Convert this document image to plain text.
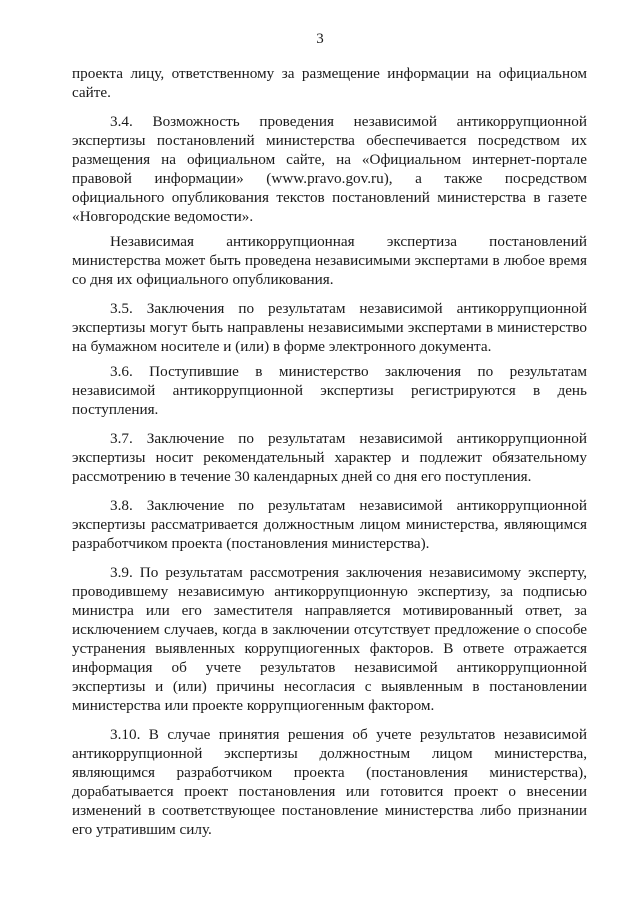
3

проекта лицу, ответственному за размещение информации на официальном сайте.

3.4. Возможность проведения независимой антикоррупционной экспертизы постановлений министерства обеспечивается посредством их размещения на официальном сайте, на «Официальном интернет-портале правовой информации» (www.pravo.gov.ru), а также посредством официального опубликования текстов постановлений министерства в газете «Новгородские ведомости».

Независимая антикоррупционная экспертиза постановлений министерства может быть проведена независимыми экспертами в любое время со дня их официального опубликования.

3.5. Заключения по результатам независимой антикоррупционной экспертизы могут быть направлены независимыми экспертами в министерство на бумажном носителе и (или) в форме электронного документа.

3.6. Поступившие в министерство заключения по результатам независимой антикоррупционной экспертизы регистрируются в день поступления.

3.7. Заключение по результатам независимой антикоррупционной экспертизы носит рекомендательный характер и подлежит обязательному рассмотрению в течение 30 календарных дней со дня его поступления.

3.8. Заключение по результатам независимой антикоррупционной экспертизы рассматривается должностным лицом министерства, являющимся разработчиком проекта (постановления министерства).

3.9. По результатам рассмотрения заключения независимому эксперту, проводившему независимую антикоррупционную экспертизу, за подписью министра или его заместителя направляется мотивированный ответ, за исключением случаев, когда в заключении отсутствует предложение о способе устранения выявленных коррупциогенных факторов. В ответе отражается информация об учете результатов независимой антикоррупционной экспертизы и (или) причины несогласия с выявленным в постановлении министерства или проекте коррупциогенным фактором.

3.10. В случае принятия решения об учете результатов независимой антикоррупционной экспертизы должностным лицом министерства, являющимся разработчиком проекта (постановления министерства), дорабатывается проект постановления или готовится проект о внесении изменений в соответствующее постановление министерства либо признании его утратившим силу.
